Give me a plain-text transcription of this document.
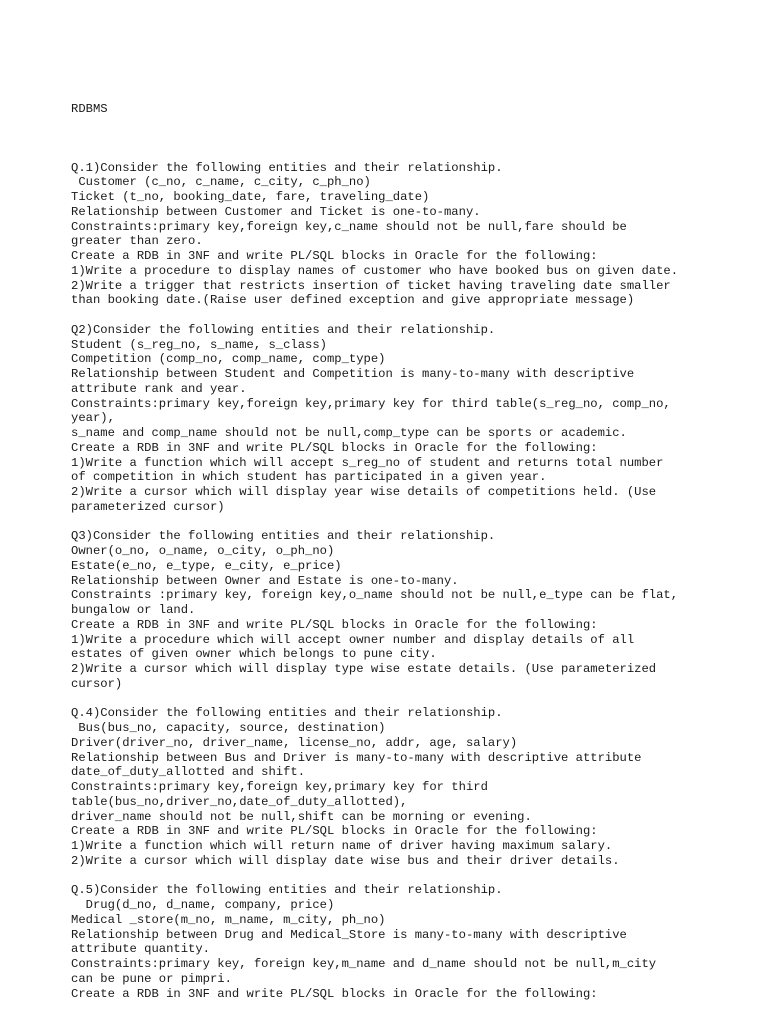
RDBMS

Q.1)Consider the following entities and their relationship.
Customer (c_no, c_name, c_city, c_ph_no)
Ticket (t_no, booking_date, fare, traveling_date)
Relationship between Customer and Ticket is one-to-many.
Constraints:primary key,foreign key,c_name should not be null,fare should be
greater than zero.
Create a RDB in 3NF and write PL/SQL blocks in Oracle for the following:
1)Write a procedure to display names of customer who have booked bus on given date.
2)Write a trigger that restricts insertion of ticket having traveling date smaller
than booking date.(Raise user defined exception and give appropriate message)
Q2)Consider the following entities and their relationship.
Student (s_reg_no, s_name, s_class)
Competition (comp_no, comp_name, comp_type)
Relationship between Student and Competition is many-to-many with descriptive
attribute rank and year.
Constraints:primary key,foreign key,primary key for third table(s_reg_no, comp_no,
year),
s_name and comp_name should not be null,comp_type can be sports or academic.
Create a RDB in 3NF and write PL/SQL blocks in Oracle for the following:
1)Write a function which will accept s_reg_no of student and returns total number
of competition in which student has participated in a given year.
2)Write a cursor which will display year wise details of competitions held. (Use
parameterized cursor)
Q3)Consider the following entities and their relationship.
Owner(o_no, o_name, o_city, o_ph_no)
Estate(e_no, e_type, e_city, e_price)
Relationship between Owner and Estate is one-to-many.
Constraints :primary key, foreign key,o_name should not be null,e_type can be flat,
bungalow or land.
Create a RDB in 3NF and write PL/SQL blocks in Oracle for the following:
1)Write a procedure which will accept owner number and display details of all
estates of given owner which belongs to pune city.
2)Write a cursor which will display type wise estate details. (Use parameterized
cursor)
Q.4)Consider the following entities and their relationship.
Bus(bus_no, capacity, source, destination)
Driver(driver_no, driver_name, license_no, addr, age, salary)
Relationship between Bus and Driver is many-to-many with descriptive attribute
date_of_duty_allotted and shift.
Constraints:primary key,foreign key,primary key for third
table(bus_no,driver_no,date_of_duty_allotted),
driver_name should not be null,shift can be morning or evening.
Create a RDB in 3NF and write PL/SQL blocks in Oracle for the following:
1)Write a function which will return name of driver having maximum salary.
2)Write a cursor which will display date wise bus and their driver details.
Q.5)Consider the following entities and their relationship.
Drug(d_no, d_name, company, price)
Medical _store(m_no, m_name, m_city, ph_no)
Relationship between Drug and Medical_Store is many-to-many with descriptive
attribute quantity.
Constraints:primary key, foreign key,m_name and d_name should not be null,m_city
can be pune or pimpri.
Create a RDB in 3NF and write PL/SQL blocks in Oracle for the following:
